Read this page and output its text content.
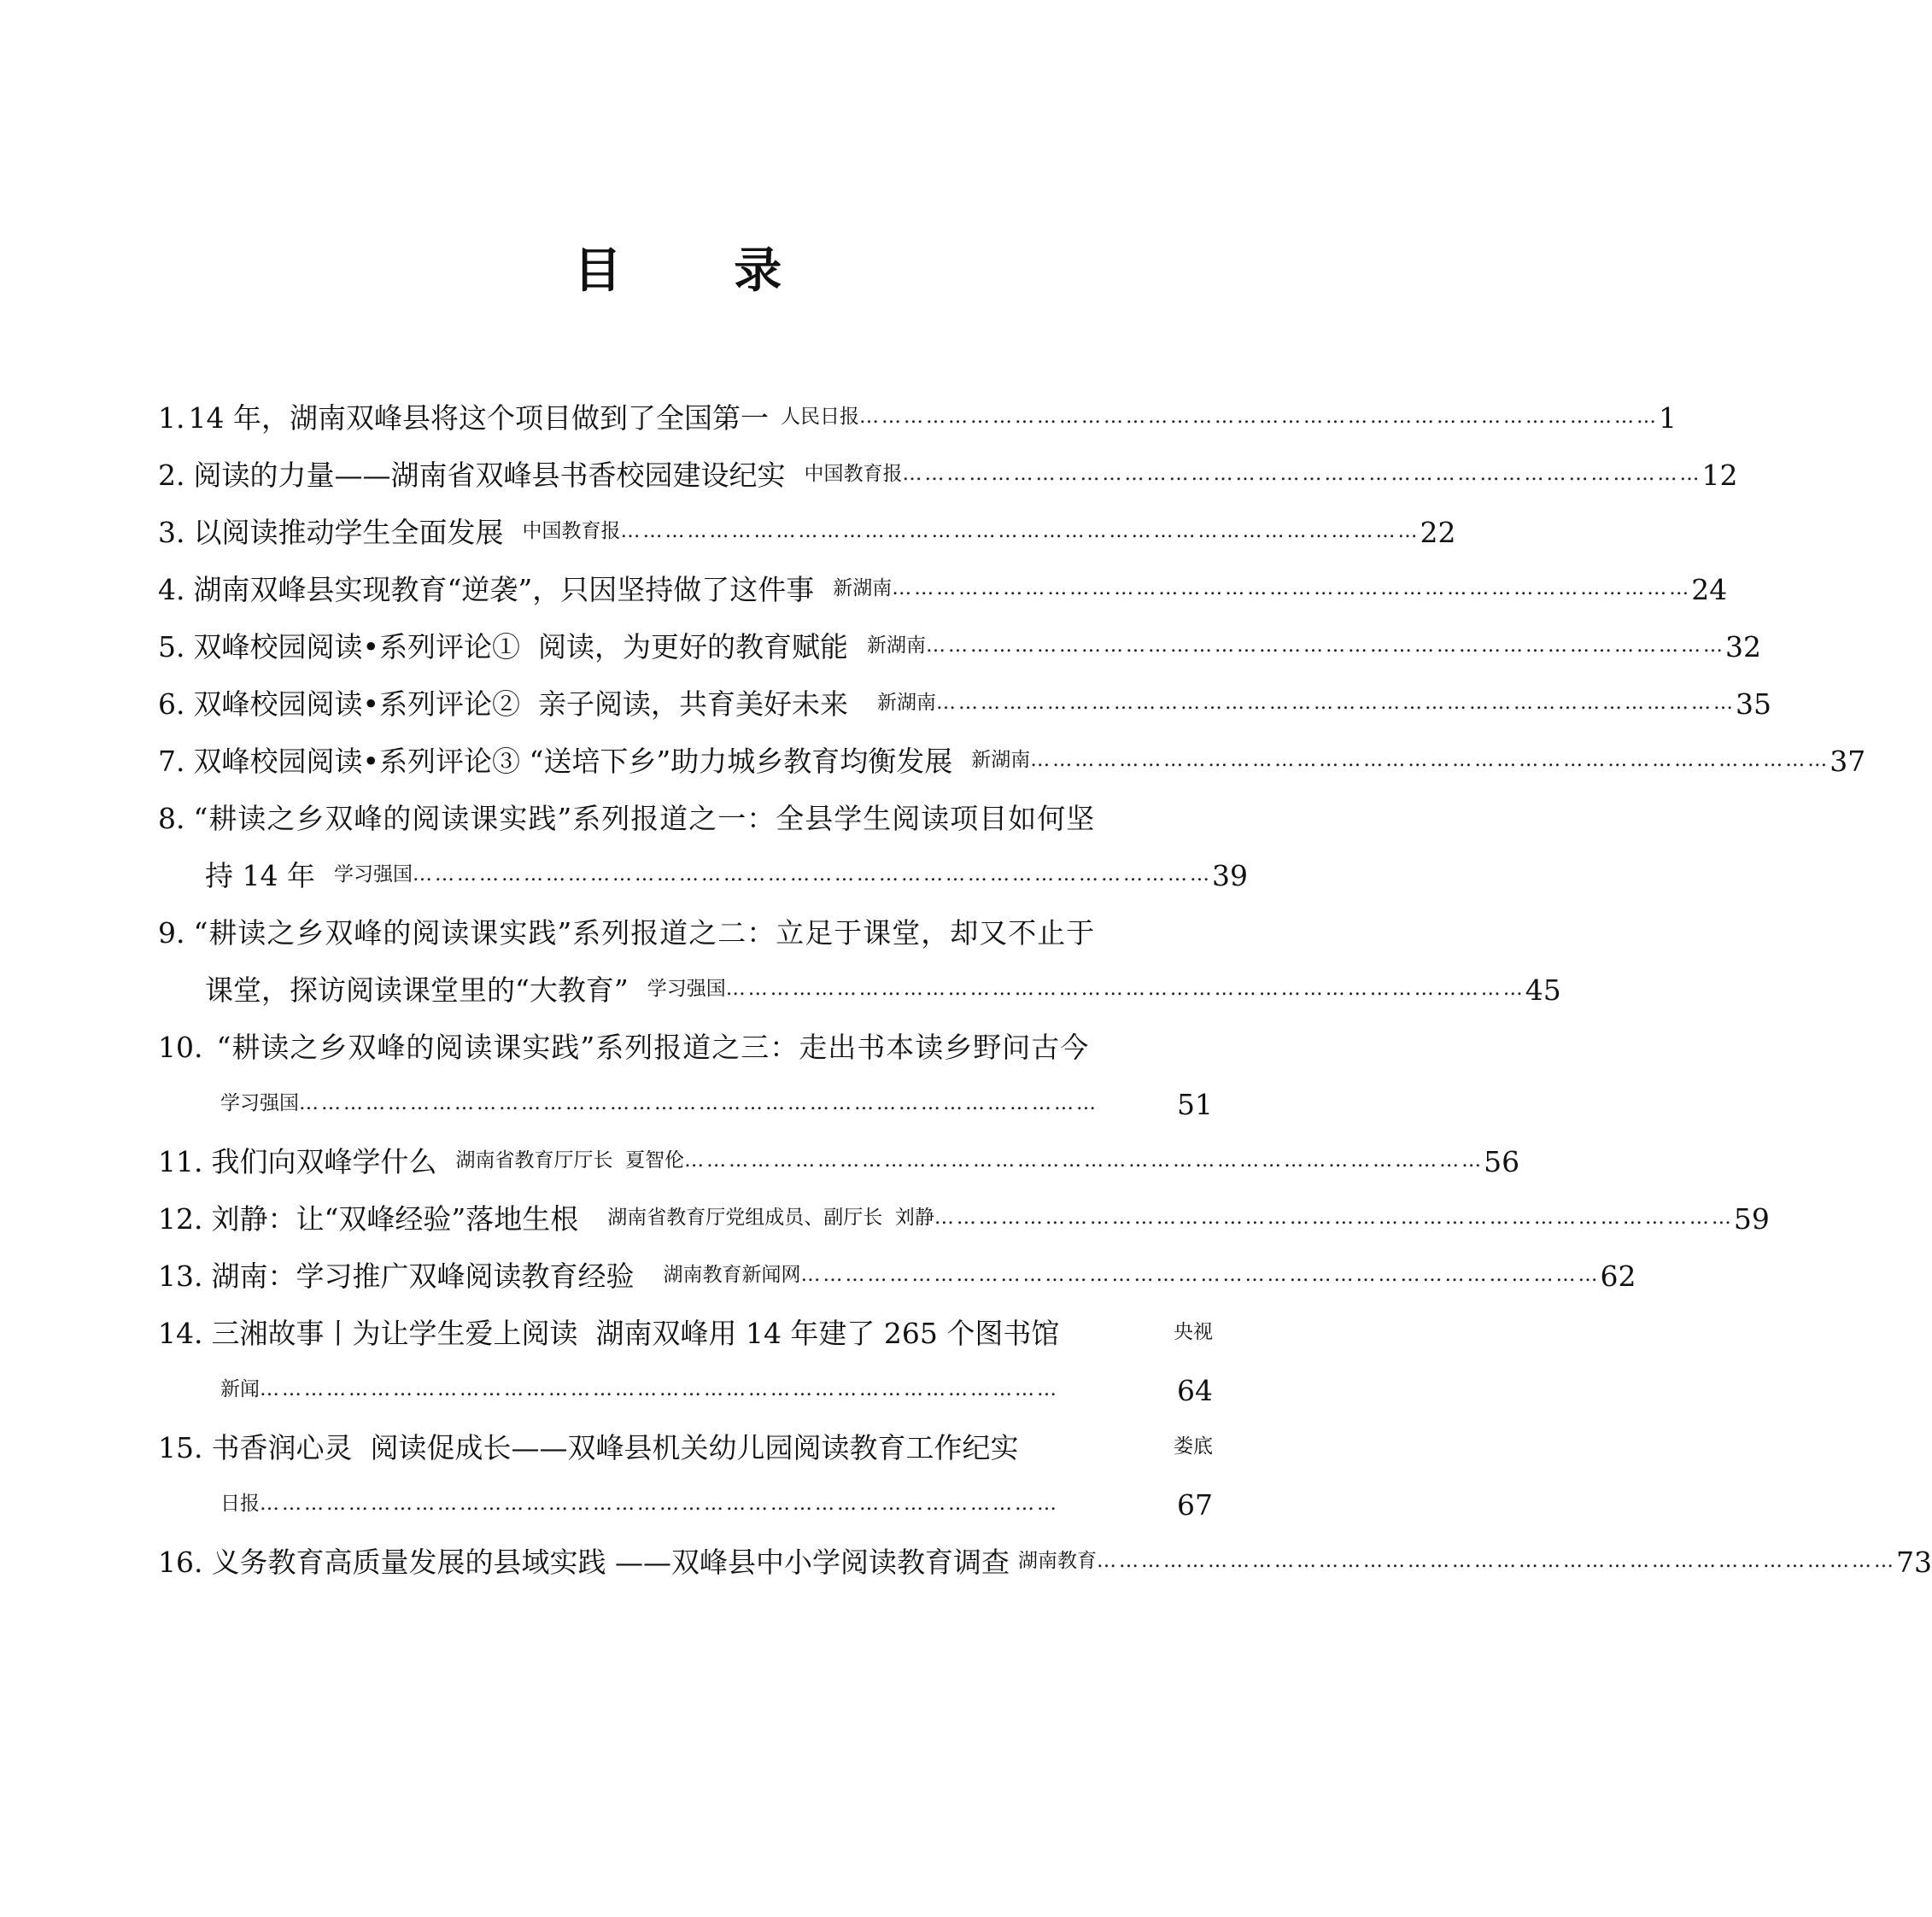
目 录
1. 14 年，湖南双峰县将这个项目做到了全国第一 人民日报 ……………………………………………………………………………………………… 1
2. 阅读的力量——湖南省双峰县书香校园建设纪实 中国教育报 ……………………………………………………………………………………………… 12
3. 以阅读推动学生全面发展 中国教育报 ……………………………………………………………………………………………… 22
4. 湖南双峰县实现教育“逆袭”，只因坚持做了这件事 新湖南 ……………………………………………………………………………………………… 24
5. 双峰校园阅读•系列评论①  阅读，为更好的教育赋能 新湖南 ……………………………………………………………………………………………… 32
6. 双峰校园阅读•系列评论②  亲子阅读，共育美好未来 新湖南 ……………………………………………………………………………………………… 35
7. 双峰校园阅读•系列评论③ “送培下乡”助力城乡教育均衡发展 新湖南 ……………………………………………………………………………………………… 37
8. “耕读之乡双峰的阅读课实践”系列报道之一：全县学生阅读项目如何坚
持 14 年 学习强国 ……………………………………………………………………………………………… 39
9. “耕读之乡双峰的阅读课实践”系列报道之二：立足于课堂，却又不止于
课堂，探访阅读课堂里的“大教育” 学习强国 ……………………………………………………………………………………………… 45
10. “耕读之乡双峰的阅读课实践”系列报道之三：走出书本读乡野问古今
学习强国 ………………………………………………………………………………………………	51
11. 我们向双峰学什么 湖南省教育厅厅长  夏智伦 ……………………………………………………………………………………………… 56
12. 刘静：让“双峰经验”落地生根 湖南省教育厅党组成员、副厅长  刘静 ……………………………………………………………………………………………… 59
13. 湖南：学习推广双峰阅读教育经验 湖南教育新闻网 ……………………………………………………………………………………………… 62
14. 三湘故事丨为让学生爱上阅读  湖南双峰用 14 年建了 265 个图书馆	央视
新闻 ………………………………………………………………………………………………	64
15. 书香润心灵  阅读促成长——双峰县机关幼儿园阅读教育工作纪实	娄底
日报 ………………………………………………………………………………………………	67
16. 义务教育高质量发展的县域实践 ——双峰县中小学阅读教育调查 湖南教育 ……………………………………………………………………………………………… 73
